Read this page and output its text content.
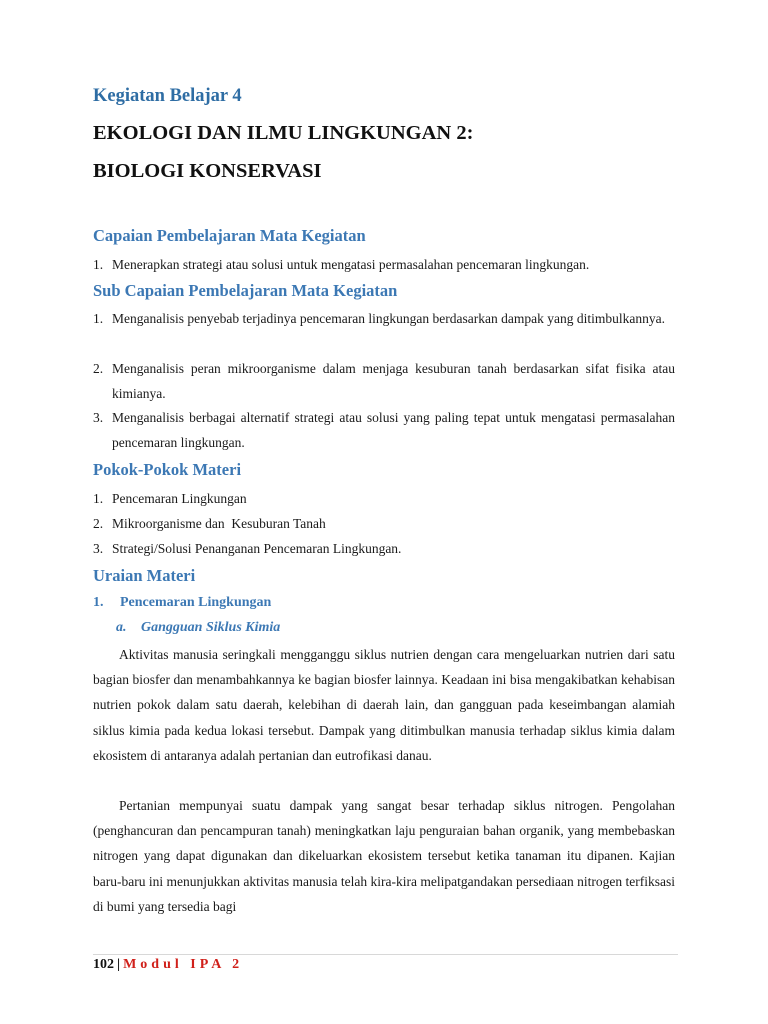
Kegiatan Belajar 4
EKOLOGI DAN ILMU LINGKUNGAN 2:
BIOLOGI KONSERVASI
Capaian Pembelajaran Mata Kegiatan
1. Menerapkan strategi atau solusi untuk mengatasi permasalahan pencemaran lingkungan.
Sub Capaian Pembelajaran Mata Kegiatan
1. Menganalisis penyebab terjadinya pencemaran lingkungan berdasarkan dampak yang ditimbulkannya.
2. Menganalisis peran mikroorganisme dalam menjaga kesuburan tanah berdasarkan sifat fisika atau kimianya.
3. Menganalisis berbagai alternatif strategi atau solusi yang paling tepat untuk mengatasi permasalahan pencemaran lingkungan.
Pokok-Pokok Materi
1. Pencemaran Lingkungan
2. Mikroorganisme dan  Kesuburan Tanah
3. Strategi/Solusi Penanganan Pencemaran Lingkungan.
Uraian Materi
1. Pencemaran Lingkungan
a. Gangguan Siklus Kimia
Aktivitas manusia seringkali mengganggu siklus nutrien dengan cara mengeluarkan nutrien dari satu bagian biosfer dan menambahkannya ke bagian biosfer lainnya. Keadaan ini bisa mengakibatkan kehabisan nutrien pokok dalam satu daerah, kelebihan di daerah lain, dan gangguan pada keseimbangan alamiah siklus kimia pada kedua lokasi tersebut. Dampak yang ditimbulkan manusia terhadap siklus kimia dalam ekosistem di antaranya adalah pertanian dan eutrofikasi danau.
Pertanian mempunyai suatu dampak yang sangat besar terhadap siklus nitrogen. Pengolahan (penghancuran dan pencampuran tanah) meningkatkan laju penguraian bahan organik, yang membebaskan nitrogen yang dapat digunakan dan dikeluarkan ekosistem tersebut ketika tanaman itu dipanen. Kajian baru-baru ini menunjukkan aktivitas manusia telah kira-kira melipatgandakan persediaan nitrogen terfiksasi di bumi yang tersedia bagi
102 | Modul IPA 2
